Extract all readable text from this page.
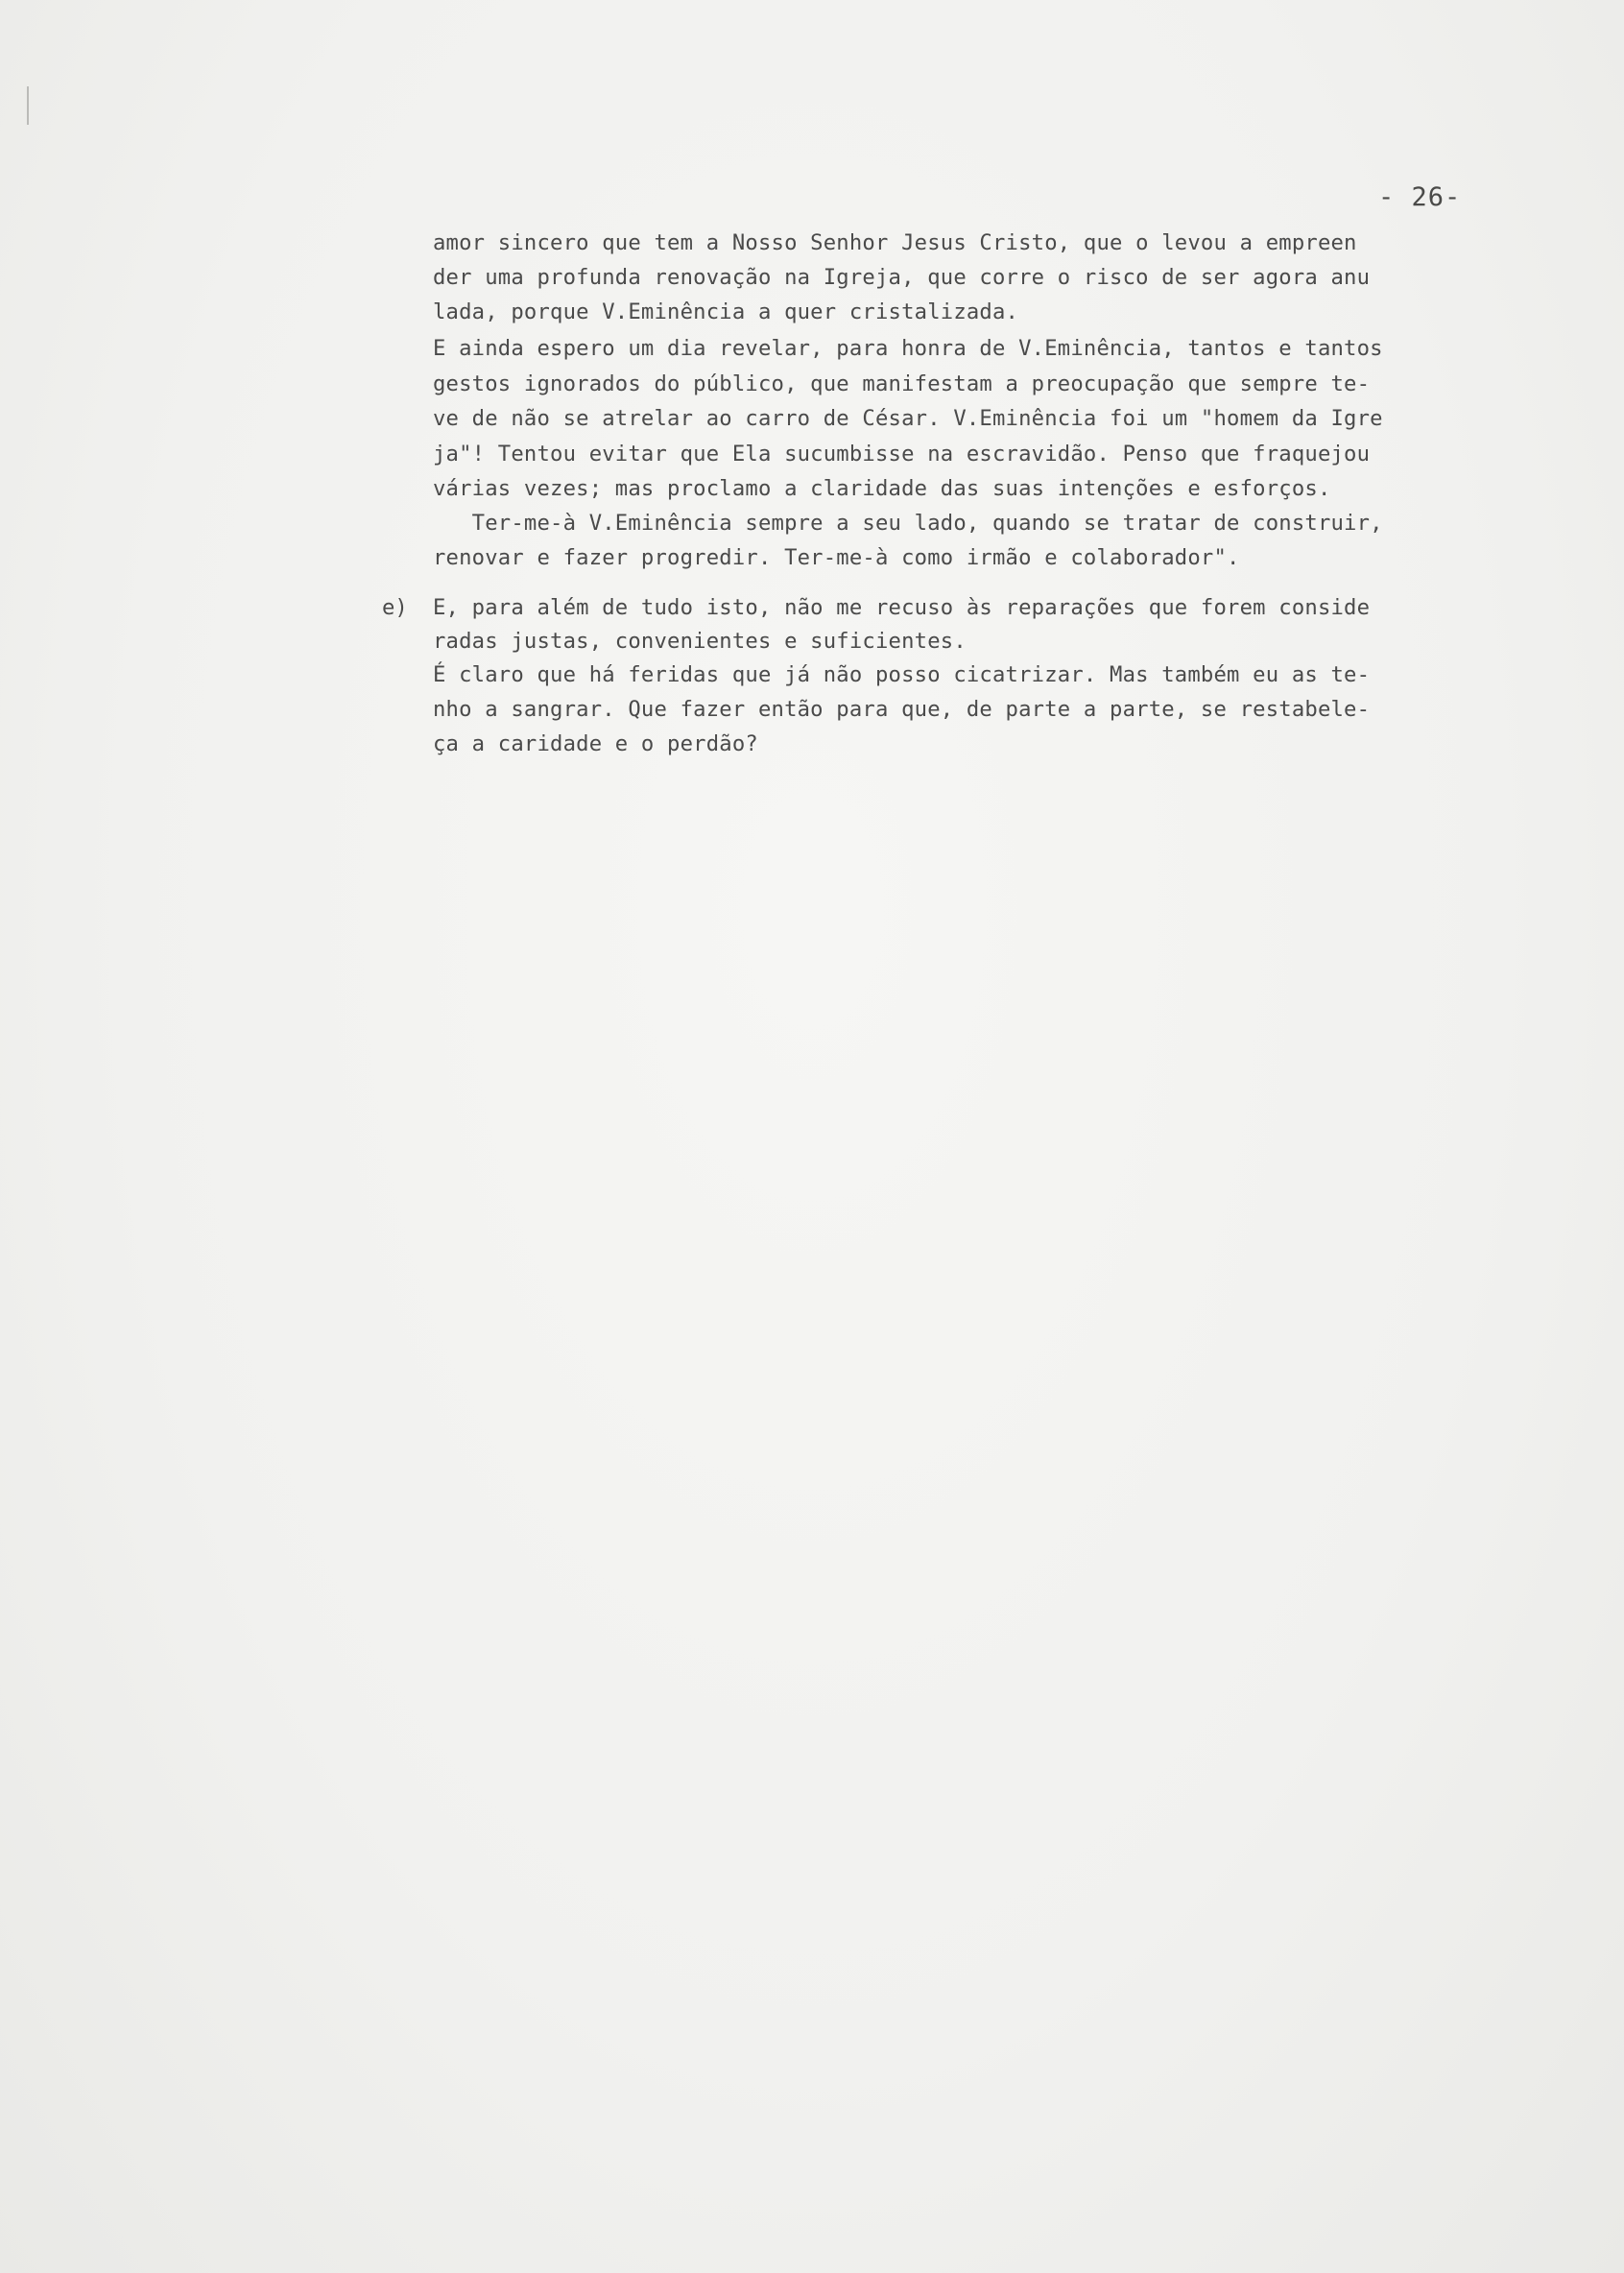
- 26-
amor sincero que tem a Nosso Senhor Jesus Cristo, que o levou a empreen
der uma profunda renovação na Igreja, que corre o risco de ser agora anu
lada, porque V.Eminência a quer cristalizada.
E ainda espero um dia revelar, para honra de V.Eminência, tantos e tantos
gestos ignorados do público, que manifestam a preocupação que sempre te-
ve de não se atrelar ao carro de César. V.Eminência foi um "homem da Igre
ja"! Tentou evitar que Ela sucumbisse na escravidão. Penso que fraquejou
várias vezes; mas proclamo a claridade das suas intenções e esforços.
Ter-me-à V.Eminência sempre a seu lado, quando se tratar de construir,
renovar e fazer progredir. Ter-me-à como irmão e colaborador".
e) E, para além de tudo isto, não me recuso às reparações que forem conside
radas justas, convenientes e suficientes.
É claro que há feridas que já não posso cicatrizar. Mas também eu as te-
nho a sangrar. Que fazer então para que, de parte a parte, se restabele-
ça a caridade e o perdão?
